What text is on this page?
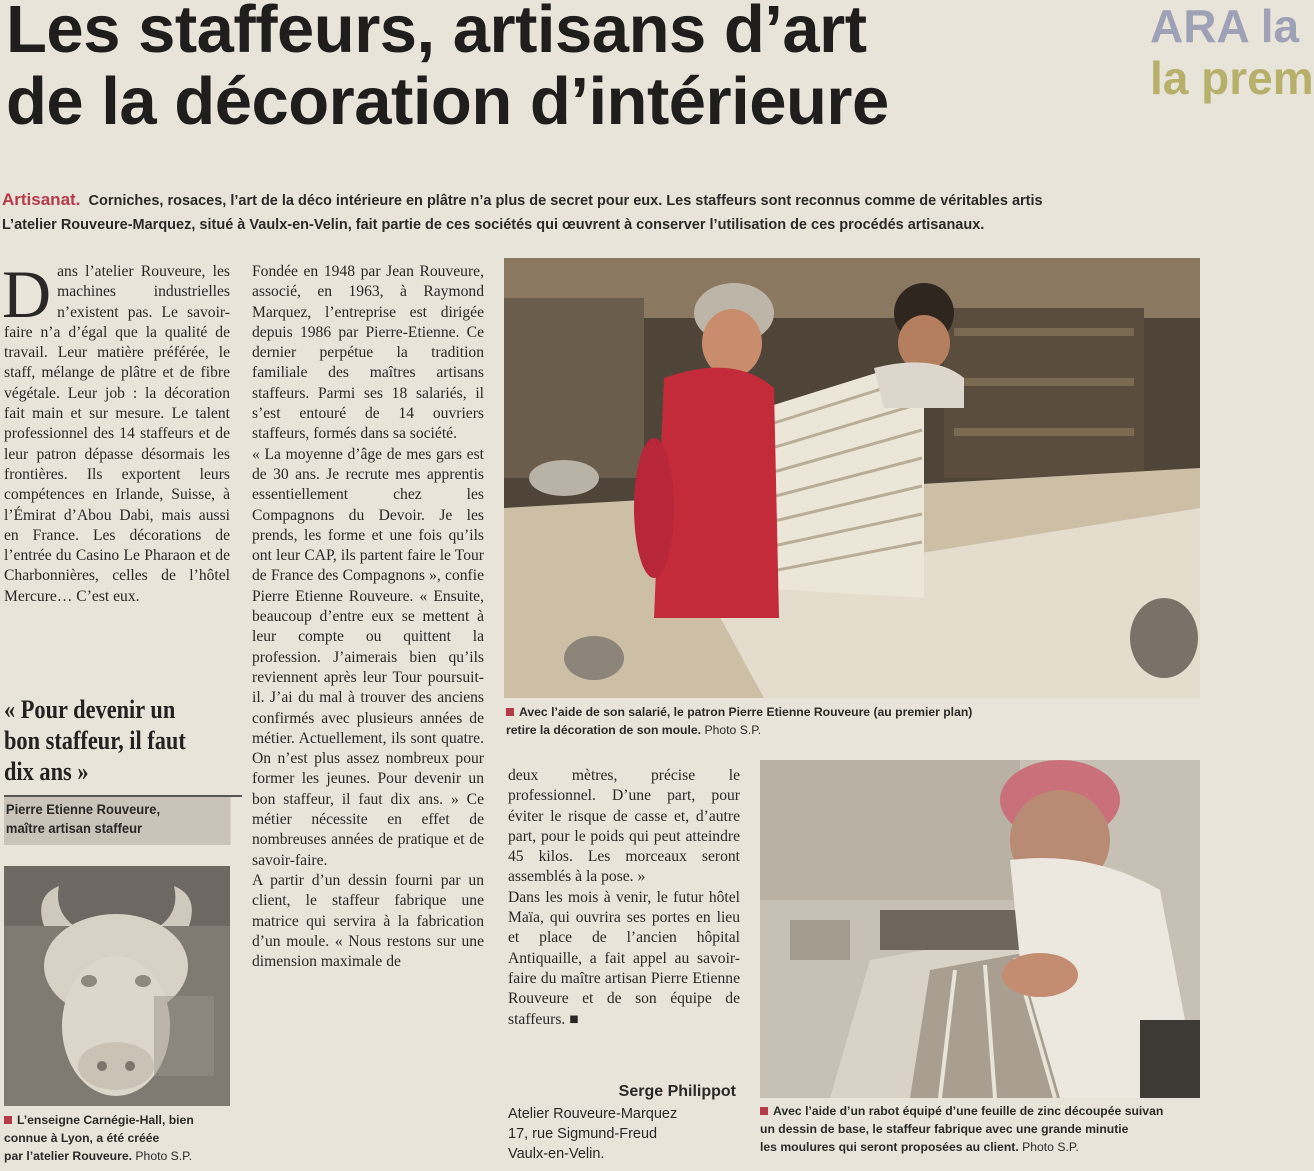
ARA la
la prem
Les staffeurs, artisans d’art
de la décoration d’intérieure
Artisanat. Corniches, rosaces, l’art de la déco intérieure en plâtre n’a plus de secret pour eux. Les staffeurs sont reconnus comme de véritables artis
L’atelier Rouveure-Marquez, situé à Vaulx-en-Velin, fait partie de ces sociétés qui œuvrent à conserver l’utilisation de ces procédés artisanaux.
D ans l’atelier Rouveure, les machines industrielles n’existent pas. Le savoir-faire n’a d’égal que la qualité de travail. Leur matière préférée, le staff, mélange de plâtre et de fibre végétale. Leur job : la décoration fait main et sur mesure. Le talent professionnel des 14 staffeurs et de leur patron dépasse désormais les frontières. Ils exportent leurs compétences en Irlande, Suisse, à l’Émirat d’Abou Dabi, mais aussi en France. Les décorations de l’entrée du Casino Le Pharaon et de Charbonnières, celles de l’hôtel Mercure… C’est eux.

« Pour devenir un bon staffeur, il faut dix ans »
Pierre Etienne Rouveure,
maître artisan staffeur
L’enseigne Carnégie-Hall, bien
connue à Lyon, a été créée
par l’atelier Rouveure. Photo S.P.

Fondée en 1948 par Jean Rouveure, associé, en 1963, à Raymond Marquez, l’entreprise est dirigée depuis 1986 par Pierre-Etienne. Ce dernier perpétue la tradition familiale des maîtres artisans staffeurs. Parmi ses 18 salariés, il s’est entouré de 14 ouvriers staffeurs, formés dans sa société.

« La moyenne d’âge de mes gars est de 30 ans. Je recrute mes apprentis essentiellement chez les Compagnons du Devoir. Je les prends, les forme et une fois qu’ils ont leur CAP, ils partent faire le Tour de France des Compagnons », confie Pierre Etienne Rouveure. « Ensuite, beaucoup d’entre eux se mettent à leur compte ou quittent la profession. J’aimerais bien qu’ils reviennent après leur Tour poursuit-il. J’ai du mal à trouver des anciens confirmés avec plusieurs années de métier. Actuellement, ils sont quatre. On n’est plus assez nombreux pour former les jeunes. Pour devenir un bon staffeur, il faut dix ans. » Ce métier nécessite en effet de nombreuses années de pratique et de savoir-faire.

A partir d’un dessin fourni par un client, le staffeur fabrique une matrice qui servira à la fabrication d’un moule. « Nous restons sur une dimension maximale de

Avec l’aide de son salarié, le patron Pierre Etienne Rouveure (au premier plan)
retire la décoration de son moule. Photo S.P.

deux mètres, précise le professionnel. D’une part, pour éviter le risque de casse et, d’autre part, pour le poids qui peut atteindre 45 kilos. Les morceaux seront assemblés à la pose. »

Dans les mois à venir, le futur hôtel Maïa, qui ouvrira ses portes en lieu et place de l’ancien hôpital Antiquaille, a fait appel au savoir-faire du maître artisan Pierre Etienne Rouveure et de son équipe de staffeurs. ■

Serge Philippot
Atelier Rouveure-Marquez
17, rue Sigmund-Freud
Vaulx-en-Velin.
Avec l’aide d’un rabot équipé d’une feuille de zinc découpée suivan
un dessin de base, le staffeur fabrique avec une grande minutie
les moulures qui seront proposées au client. Photo S.P.
